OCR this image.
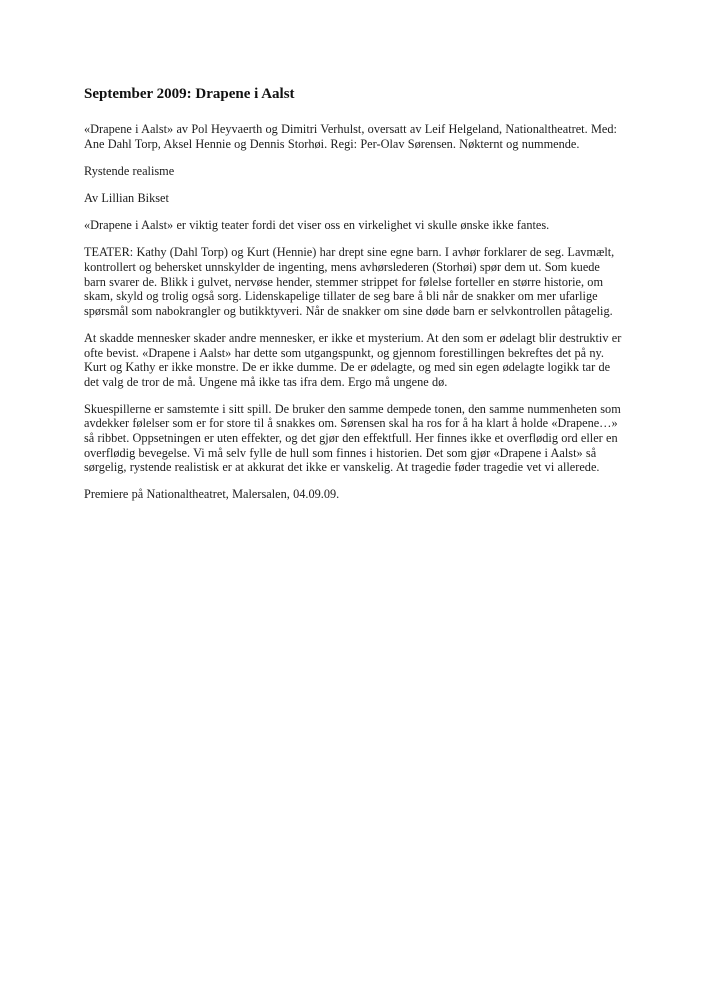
September 2009: Drapene i Aalst

«Drapene i Aalst» av Pol Heyvaerth og Dimitri Verhulst, oversatt av Leif Helgeland, Nationaltheatret. Med: Ane Dahl Torp, Aksel Hennie og Dennis Storhøi. Regi: Per-Olav Sørensen. Nøkternt og nummende.

Rystende realisme

Av Lillian Bikset

«Drapene i Aalst» er viktig teater fordi det viser oss en virkelighet vi skulle ønske ikke fantes.

TEATER: Kathy (Dahl Torp) og Kurt (Hennie) har drept sine egne barn. I avhør forklarer de seg. Lavmælt, kontrollert og behersket unnskylder de ingenting, mens avhørslederen (Storhøi) spør dem ut. Som kuede barn svarer de. Blikk i gulvet, nervøse hender, stemmer strippet for følelse forteller en større historie, om skam, skyld og trolig også sorg. Lidenskapelige tillater de seg bare å bli når de snakker om mer ufarlige spørsmål som nabokrangler og butikktyveri. Når de snakker om sine døde barn er selvkontrollen påtagelig.

At skadde mennesker skader andre mennesker, er ikke et mysterium. At den som er ødelagt blir destruktiv er ofte bevist. «Drapene i Aalst» har dette som utgangspunkt, og gjennom forestillingen bekreftes det på ny. Kurt og Kathy er ikke monstre. De er ikke dumme. De er ødelagte, og med sin egen ødelagte logikk tar de det valg de tror de må. Ungene må ikke tas ifra dem. Ergo må ungene dø.

Skuespillerne er samstemte i sitt spill. De bruker den samme dempede tonen, den samme nummenheten som avdekker følelser som er for store til å snakkes om. Sørensen skal ha ros for å ha klart å holde «Drapene…» så ribbet. Oppsetningen er uten effekter, og det gjør den effektfull. Her finnes ikke et overflødig ord eller en overflødig bevegelse. Vi må selv fylle de hull som finnes i historien. Det som gjør «Drapene i Aalst» så sørgelig, rystende realistisk er at akkurat det ikke er vanskelig. At tragedie føder tragedie vet vi allerede.

Premiere på Nationaltheatret, Malersalen, 04.09.09.
